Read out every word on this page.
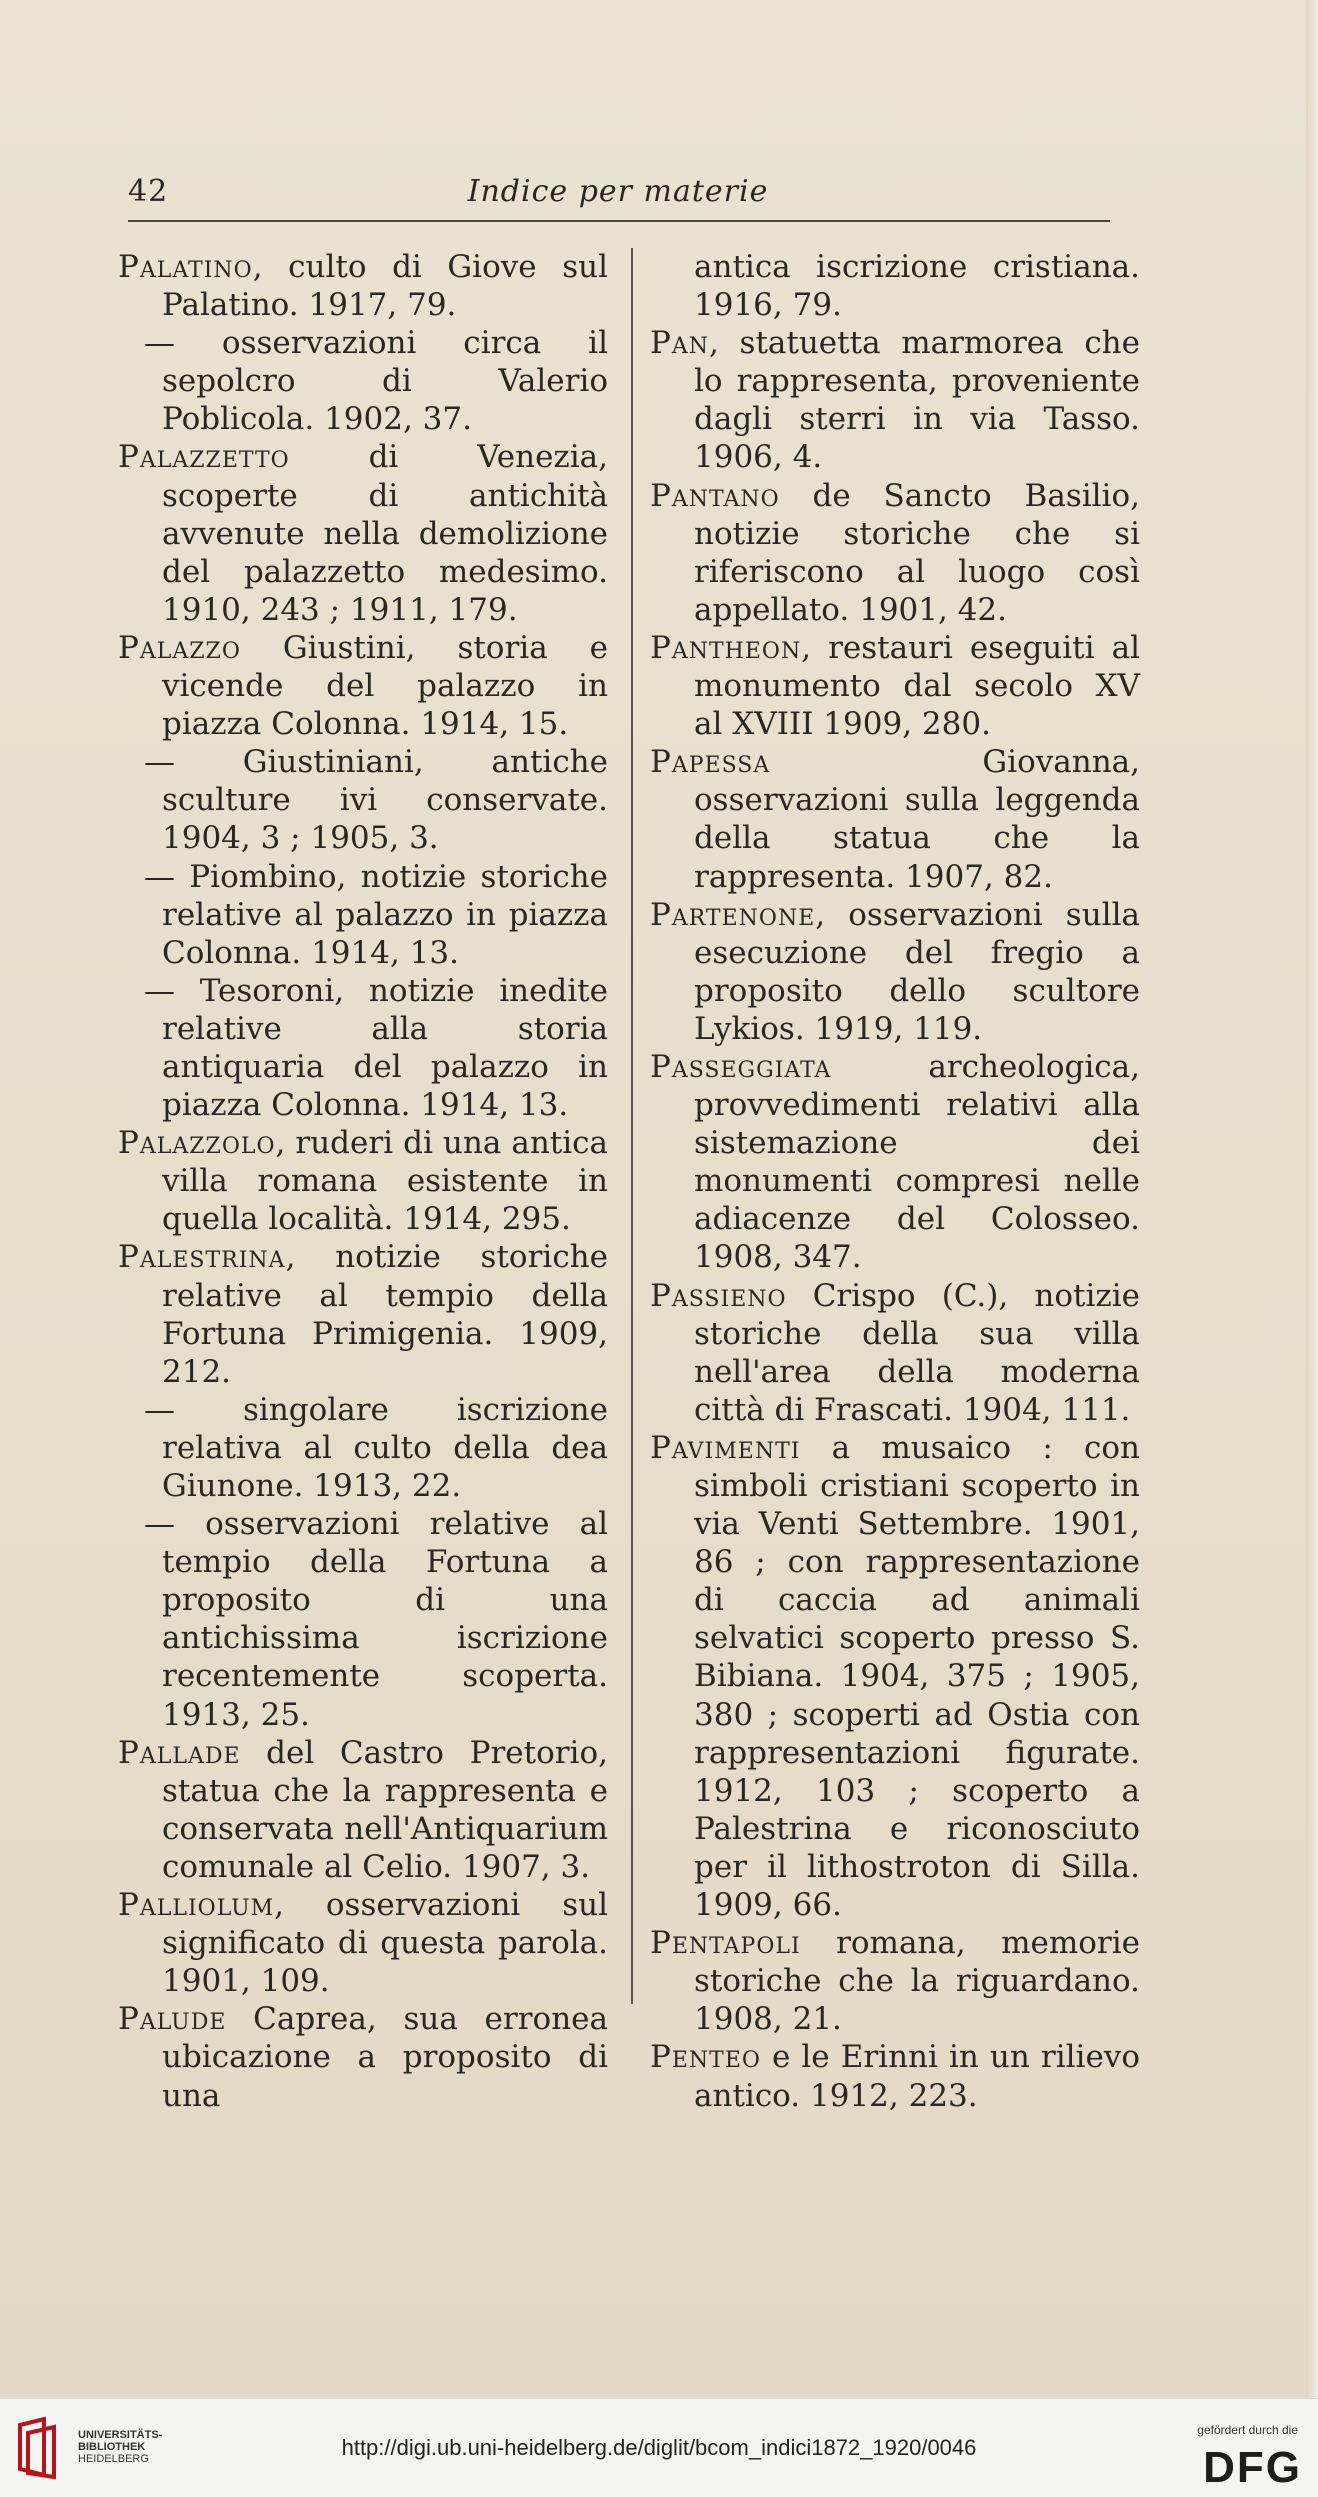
42	Indice per materie

Palatino, culto di Giove sul Palatino. 1917, 79.

— osservazioni circa il sepolcro di Valerio Poblicola. 1902, 37.

Palazzetto di Venezia, scoperte di antichità avvenute nella demolizione del palazzetto medesimo. 1910, 243 ; 1911, 179.

Palazzo Giustini, storia e vicende del palazzo in piazza Colonna. 1914, 15.

— Giustiniani, antiche sculture ivi conservate. 1904, 3 ; 1905, 3.

— Piombino, notizie storiche relative al palazzo in piazza Colonna. 1914, 13.

— Tesoroni, notizie inedite relative alla storia antiquaria del palazzo in piazza Colonna. 1914, 13.

Palazzolo, ruderi di una antica villa romana esistente in quella località. 1914, 295.

Palestrina, notizie storiche relative al tempio della Fortuna Primigenia. 1909, 212.

— singolare iscrizione relativa al culto della dea Giunone. 1913, 22.

— osservazioni relative al tempio della Fortuna a proposito di una antichissima iscrizione recentemente scoperta. 1913, 25.

Pallade del Castro Pretorio, statua che la rappresenta e conservata nell'Antiquarium comunale al Celio. 1907, 3.

Palliolum, osservazioni sul significato di questa parola. 1901, 109.

Palude Caprea, sua erronea ubicazione a proposito di una

antica iscrizione cristiana. 1916, 79.

Pan, statuetta marmorea che lo rappresenta, proveniente dagli sterri in via Tasso. 1906, 4.

Pantano de Sancto Basilio, notizie storiche che si riferiscono al luogo così appellato. 1901, 42.

Pantheon, restauri eseguiti al monumento dal secolo XV al XVIII 1909, 280.

Papessa Giovanna, osservazioni sulla leggenda della statua che la rappresenta. 1907, 82.

Partenone, osservazioni sulla esecuzione del fregio a proposito dello scultore Lykios. 1919, 119.

Passeggiata archeologica, provvedimenti relativi alla sistemazione dei monumenti compresi nelle adiacenze del Colosseo. 1908, 347.

Passieno Crispo (C.), notizie storiche della sua villa nell'area della moderna città di Frascati. 1904, 111.

Pavimenti a musaico : con simboli cristiani scoperto in via Venti Settembre. 1901, 86 ; con rappresentazione di caccia ad animali selvatici scoperto presso S. Bibiana. 1904, 375 ; 1905, 380 ; scoperti ad Ostia con rappresentazioni figurate. 1912, 103 ; scoperto a Palestrina e riconosciuto per il lithostroton di Silla. 1909, 66.

Pentapoli romana, memorie storiche che la riguardano. 1908, 21.

Penteo e le Erinni in un rilievo antico. 1912, 223.

UNIVERSITÄTS-
BIBLIOTHEK
HEIDELBERG	http://digi.ub.uni-heidelberg.de/diglit/bcom_indici1872_1920/0046
gefördert durch die
DFG
